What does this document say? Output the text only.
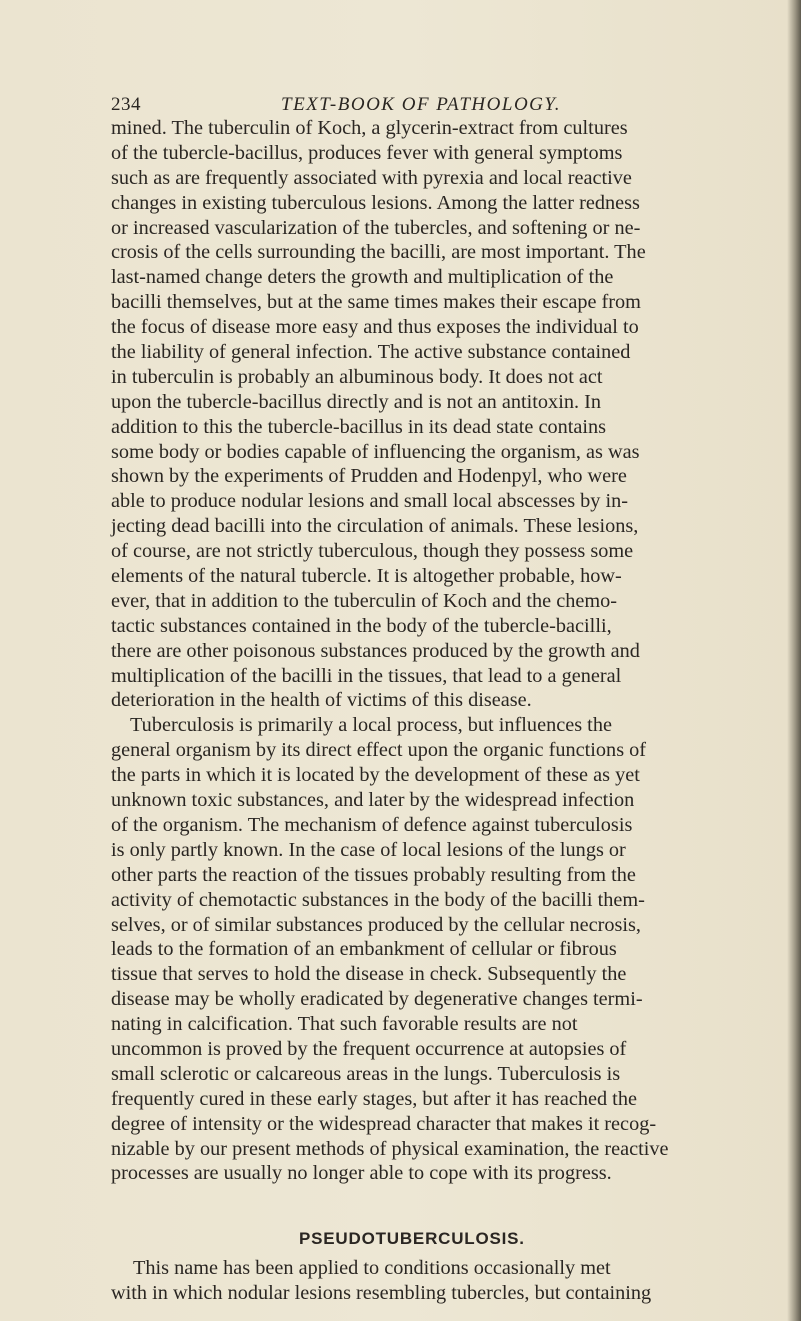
234	TEXT-BOOK OF PATHOLOGY.
mined. The tuberculin of Koch, a glycerin-extract from cultures
of the tubercle-bacillus, produces fever with general symptoms
such as are frequently associated with pyrexia and local reactive
changes in existing tuberculous lesions. Among the latter redness
or increased vascularization of the tubercles, and softening or ne-
crosis of the cells surrounding the bacilli, are most important. The
last-named change deters the growth and multiplication of the
bacilli themselves, but at the same times makes their escape from
the focus of disease more easy and thus exposes the individual to
the liability of general infection. The active substance contained
in tuberculin is probably an albuminous body. It does not act
upon the tubercle-bacillus directly and is not an antitoxin. In
addition to this the tubercle-bacillus in its dead state contains
some body or bodies capable of influencing the organism, as was
shown by the experiments of Prudden and Hodenpyl, who were
able to produce nodular lesions and small local abscesses by in-
jecting dead bacilli into the circulation of animals. These lesions,
of course, are not strictly tuberculous, though they possess some
elements of the natural tubercle. It is altogether probable, how-
ever, that in addition to the tuberculin of Koch and the chemo-
tactic substances contained in the body of the tubercle-bacilli,
there are other poisonous substances produced by the growth and
multiplication of the bacilli in the tissues, that lead to a general
deterioration in the health of victims of this disease.
Tuberculosis is primarily a local process, but influences the
general organism by its direct effect upon the organic functions of
the parts in which it is located by the development of these as yet
unknown toxic substances, and later by the widespread infection
of the organism. The mechanism of defence against tuberculosis
is only partly known. In the case of local lesions of the lungs or
other parts the reaction of the tissues probably resulting from the
activity of chemotactic substances in the body of the bacilli them-
selves, or of similar substances produced by the cellular necrosis,
leads to the formation of an embankment of cellular or fibrous
tissue that serves to hold the disease in check. Subsequently the
disease may be wholly eradicated by degenerative changes termi-
nating in calcification. That such favorable results are not
uncommon is proved by the frequent occurrence at autopsies of
small sclerotic or calcareous areas in the lungs. Tuberculosis is
frequently cured in these early stages, but after it has reached the
degree of intensity or the widespread character that makes it recog-
nizable by our present methods of physical examination, the reactive
processes are usually no longer able to cope with its progress.
PSEUDOTUBERCULOSIS.
This name has been applied to conditions occasionally met
with in which nodular lesions resembling tubercles, but containing
